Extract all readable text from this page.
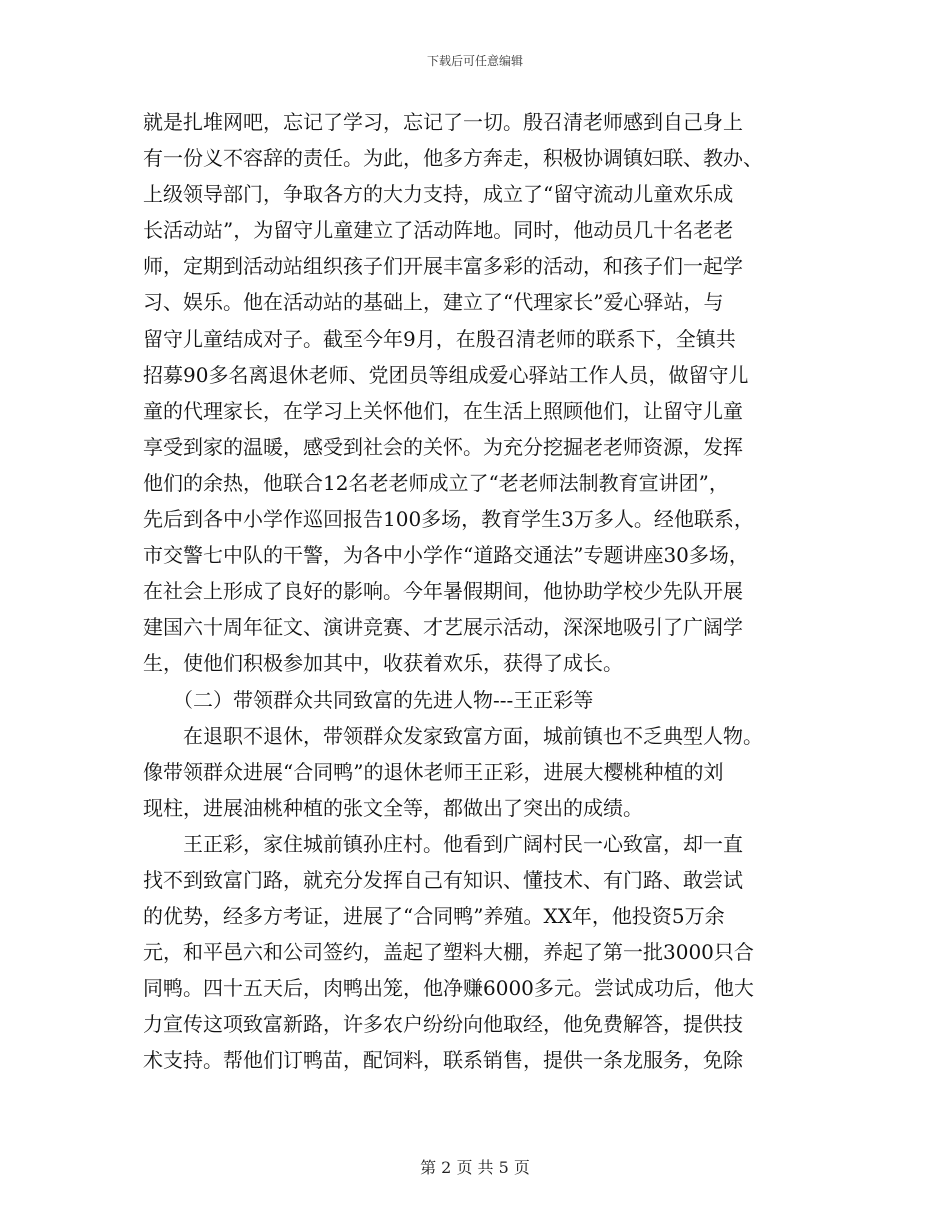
下载后可任意编辑
就是扎堆网吧，忘记了学习，忘记了一切。殷召清老师感到自己身上
有一份义不容辞的责任。为此，他多方奔走，积极协调镇妇联、教办、
上级领导部门，争取各方的大力支持，成立了“留守流动儿童欢乐成
长活动站”，为留守儿童建立了活动阵地。同时，他动员几十名老老
师，定期到活动站组织孩子们开展丰富多彩的活动，和孩子们一起学
习、娱乐。他在活动站的基础上，建立了“代理家长”爱心驿站，与
留守儿童结成对子。截至今年9月，在殷召清老师的联系下，全镇共
招募90多名离退休老师、党团员等组成爱心驿站工作人员，做留守儿
童的代理家长，在学习上关怀他们，在生活上照顾他们，让留守儿童
享受到家的温暖，感受到社会的关怀。为充分挖掘老老师资源，发挥
他们的余热，他联合12名老老师成立了“老老师法制教育宣讲团”，
先后到各中小学作巡回报告100多场，教育学生3万多人。经他联系，
市交警七中队的干警，为各中小学作“道路交通法”专题讲座30多场，
在社会上形成了良好的影响。今年暑假期间，他协助学校少先队开展
建国六十周年征文、演讲竞赛、才艺展示活动，深深地吸引了广阔学
生，使他们积极参加其中，收获着欢乐，获得了成长。
（二）带领群众共同致富的先进人物---王正彩等
在退职不退休，带领群众发家致富方面，城前镇也不乏典型人物。
像带领群众进展“合同鸭”的退休老师王正彩，进展大樱桃种植的刘
现柱，进展油桃种植的张文全等，都做出了突出的成绩。
王正彩，家住城前镇孙庄村。他看到广阔村民一心致富，却一直
找不到致富门路，就充分发挥自己有知识、懂技术、有门路、敢尝试
的优势，经多方考证，进展了“合同鸭”养殖。XX年，他投资5万余
元，和平邑六和公司签约，盖起了塑料大棚，养起了第一批3000只合
同鸭。四十五天后，肉鸭出笼，他净赚6000多元。尝试成功后，他大
力宣传这项致富新路，许多农户纷纷向他取经，他免费解答，提供技
术支持。帮他们订鸭苗，配饲料，联系销售，提供一条龙服务，免除
第 2 页 共 5 页
